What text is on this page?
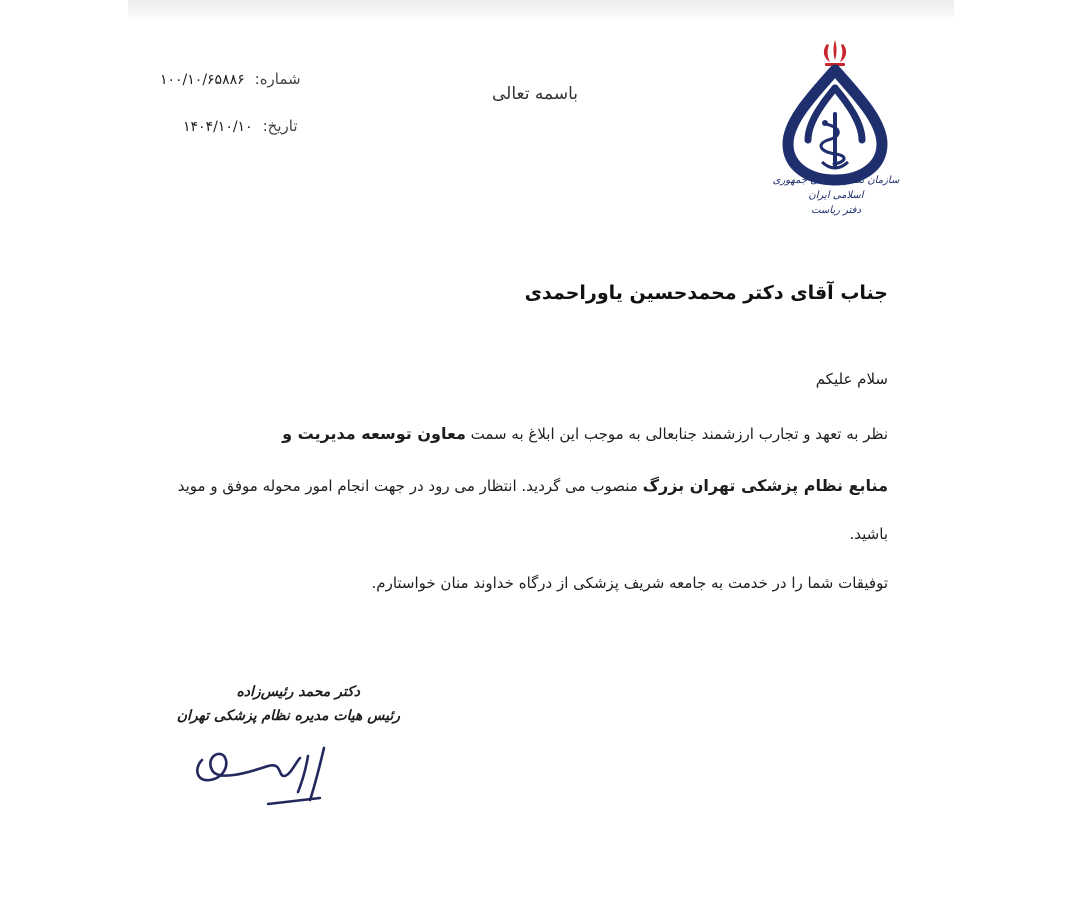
شماره:
۱۰۰/۱۰/۶۵۸۸۶
تاریخ:
۱۴۰۴/۱۰/۱۰
باسمه تعالی
سازمان نظام پزشکی جمهوری اسلامی ایران
دفتر ریاست
جناب آقای دکتر محمدحسین یاوراحمدی
سلام علیکم
نظر به تعهد و تجارب ارزشمند جنابعالی به موجب این ابلاغ به سمت معاون توسعه مدیریت و
منابع نظام پزشکی تهران بزرگ منصوب می گردید. انتظار می رود در جهت انجام امور محوله موفق و موید
باشید.
توفیقات شما را در خدمت به جامعه شریف پزشکی از درگاه خداوند منان خواستارم.
دکتر محمد رئیس‌زاده
رئیس هیات مدیره نظام پزشکی تهران
